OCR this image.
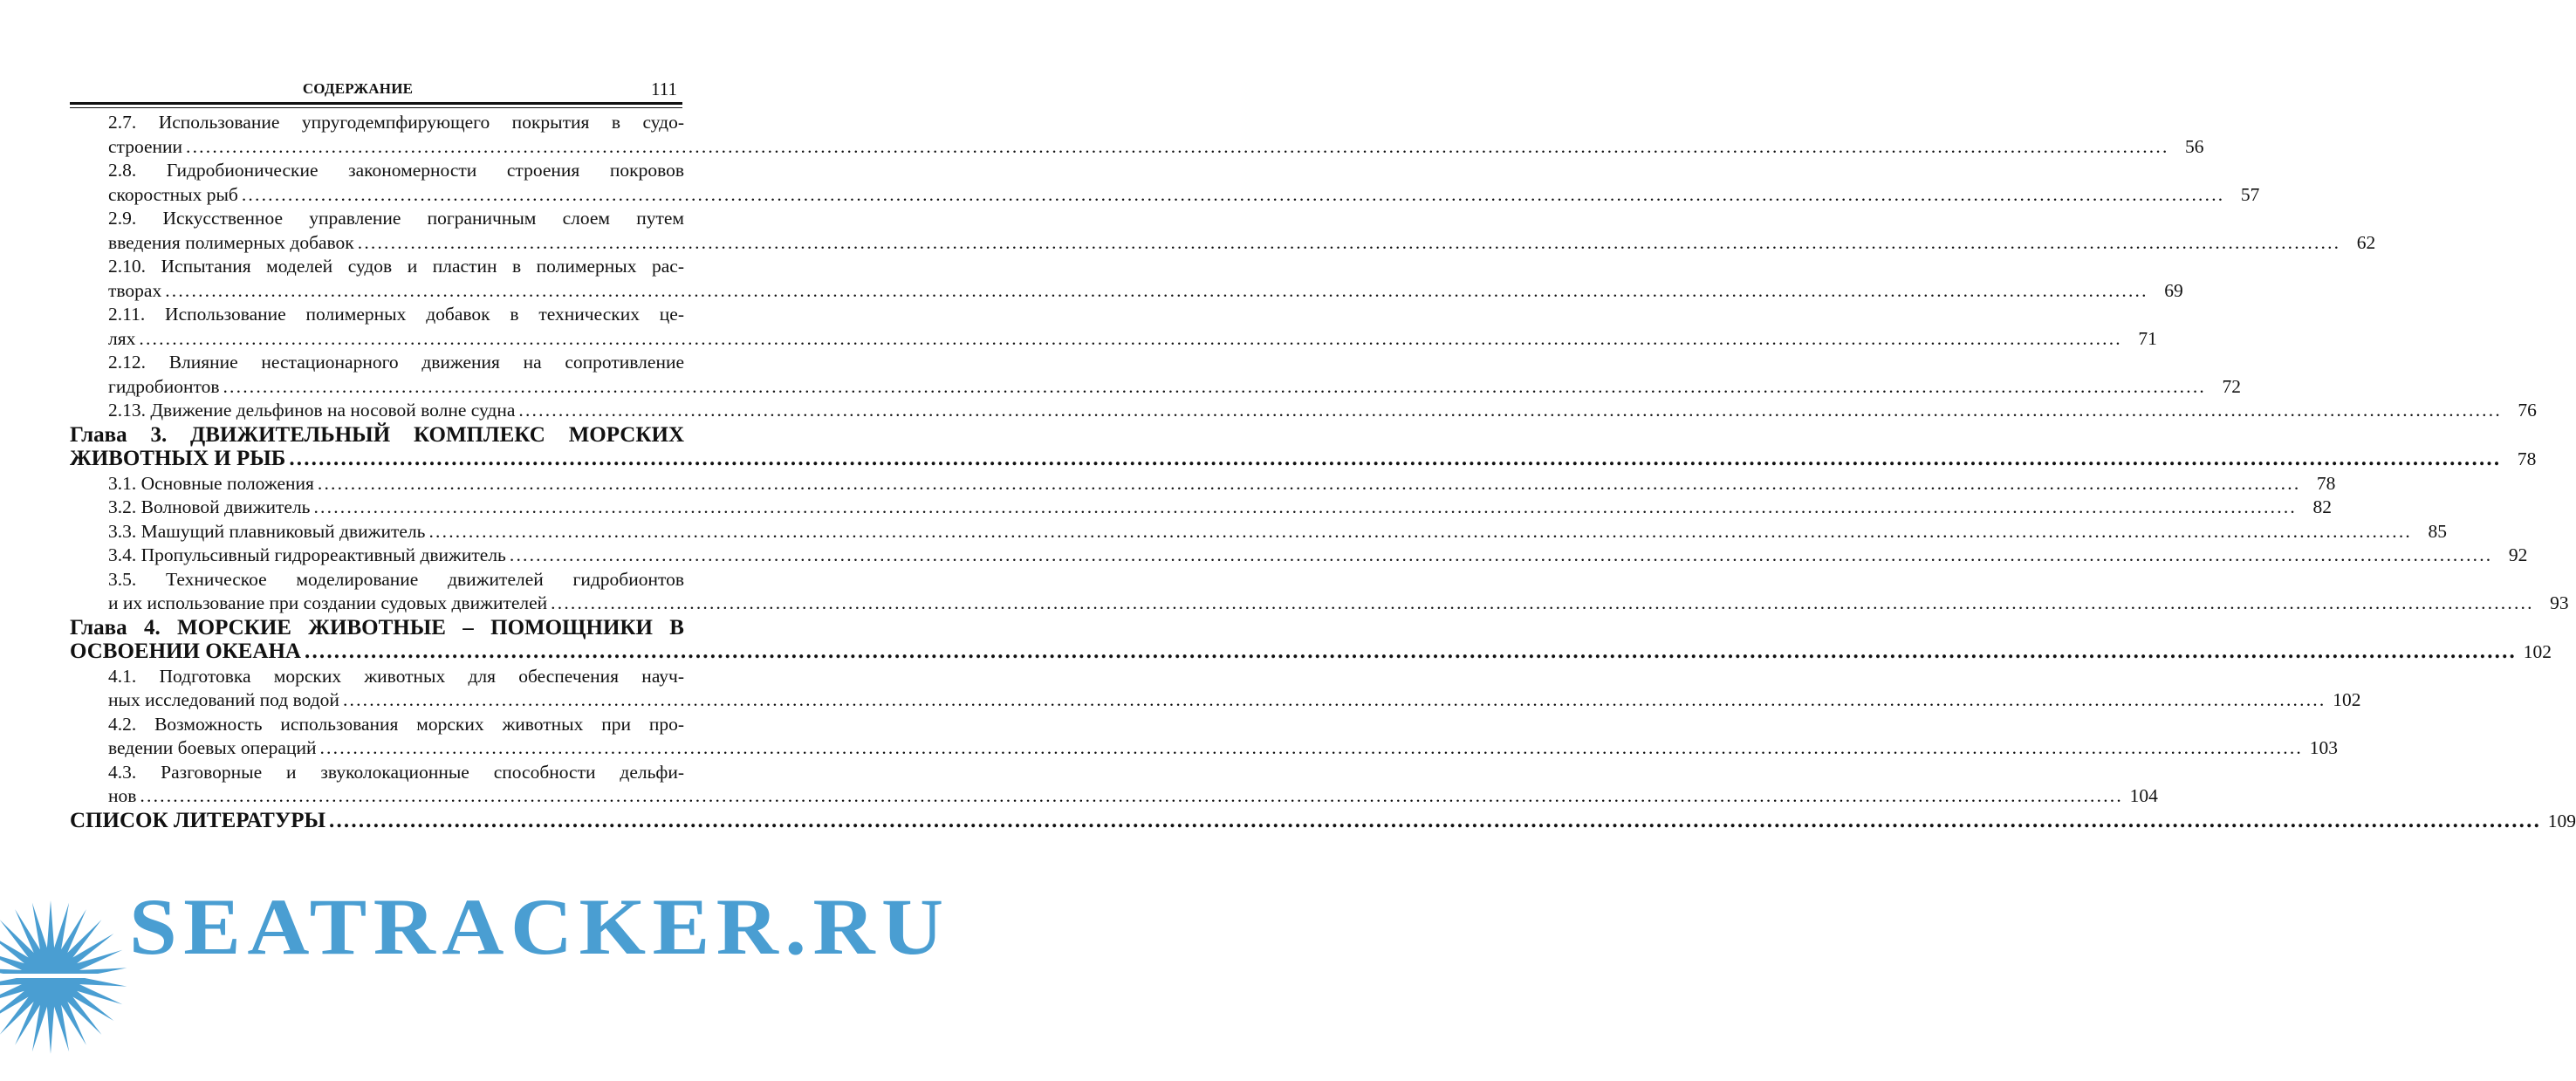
СОДЕРЖАНИЕ	111
2.7. Использование упругодемпфирующего покрытия в судо-
строении ............................................................................................................................................................................................................................................................................................................ 56
2.8. Гидробионические закономерности строения покровов
скоростных рыб ............................................................................................................................................................................................................................................................................................................ 57
2.9. Искусственное управление пограничным слоем путем
введения полимерных добавок ............................................................................................................................................................................................................................................................................................................ 62
2.10. Испытания моделей судов и пластин в полимерных рас-
творах ............................................................................................................................................................................................................................................................................................................ 69
2.11. Использование полимерных добавок в технических це-
лях ............................................................................................................................................................................................................................................................................................................ 71
2.12. Влияние нестационарного движения на сопротивление
гидробионтов ............................................................................................................................................................................................................................................................................................................ 72
2.13. Движение дельфинов на носовой волне судна ............................................................................................................................................................................................................................................................................................................ 76
Глава 3. ДВИЖИТЕЛЬНЫЙ КОМПЛЕКС МОРСКИХ
ЖИВОТНЫХ И РЫБ ............................................................................................................................................................................................................................................................................................................ 78
3.1. Основные положения ............................................................................................................................................................................................................................................................................................................ 78
3.2. Волновой движитель ............................................................................................................................................................................................................................................................................................................ 82
3.3. Машущий плавниковый движитель ............................................................................................................................................................................................................................................................................................................ 85
3.4. Пропульсивный гидрореактивный движитель ............................................................................................................................................................................................................................................................................................................ 92
3.5. Техническое моделирование движителей гидробионтов
и их использование при создании судовых движителей ............................................................................................................................................................................................................................................................................................................ 93
Глава 4. МОРСКИЕ ЖИВОТНЫЕ – ПОМОЩНИКИ В
ОСВОЕНИИ ОКЕАНА ............................................................................................................................................................................................................................................................................................................ 102
4.1. Подготовка морских животных для обеспечения науч-
ных исследований под водой ............................................................................................................................................................................................................................................................................................................ 102
4.2. Возможность использования морских животных при про-
ведении боевых операций ............................................................................................................................................................................................................................................................................................................ 103
4.3. Разговорные и звуколокационные способности дельфи-
нов ............................................................................................................................................................................................................................................................................................................ 104
СПИСОК ЛИТЕРАТУРЫ ............................................................................................................................................................................................................................................................................................................ 109
SEATRACKER.RU
